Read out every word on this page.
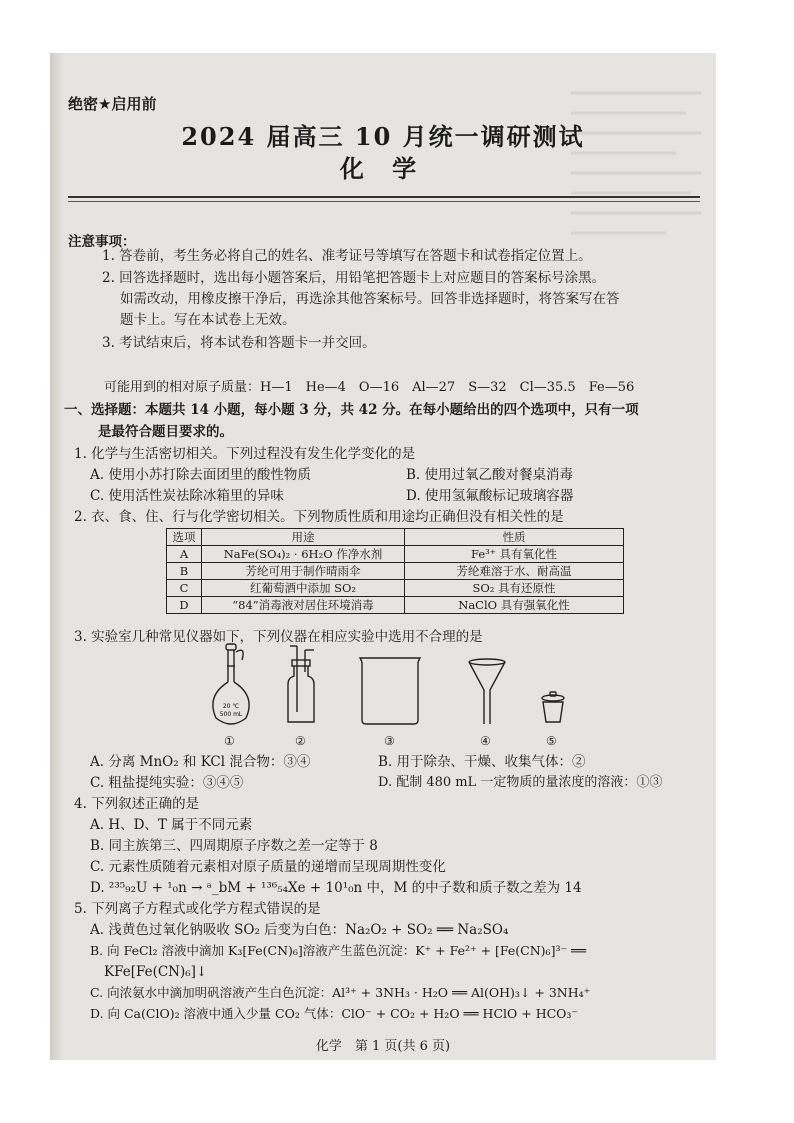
绝密★启用前
2024 届高三 10 月统一调研测试
化 学
注意事项：
1. 答卷前，考生务必将自己的姓名、准考证号等填写在答题卡和试卷指定位置上。
2. 回答选择题时，选出每小题答案后，用铅笔把答题卡上对应题目的答案标号涂黑。
如需改动，用橡皮擦干净后，再选涂其他答案标号。回答非选择题时，将答案写在答
题卡上。写在本试卷上无效。
3. 考试结束后，将本试卷和答题卡一并交回。
可能用到的相对原子质量：H—1　He—4　O—16　Al—27　S—32　Cl—35.5　Fe—56
一、选择题：本题共 14 小题，每小题 3 分，共 42 分。在每小题给出的四个选项中，只有一项
是最符合题目要求的。
1. 化学与生活密切相关。下列过程没有发生化学变化的是
A. 使用小苏打除去面团里的酸性物质	B. 使用过氧乙酸对餐桌消毒
C. 使用活性炭祛除冰箱里的异味	D. 使用氢氟酸标记玻璃容器
2. 衣、食、住、行与化学密切相关。下列物质性质和用途均正确但没有相关性的是
选项	用途	性质
A	NaFe(SO₄)₂ · 6H₂O 作净水剂	Fe³⁺ 具有氧化性
B	芳纶可用于制作晴雨伞	芳纶难溶于水、耐高温
C	红葡萄酒中添加 SO₂	SO₂ 具有还原性
D	“84”消毒液对居住环境消毒	NaClO 具有强氧化性
3. 实验室几种常见仪器如下，下列仪器在相应实验中选用不合理的是
20 ℃
500 mL
①	②	③	④	⑤
A. 分离 MnO₂ 和 KCl 混合物：③④	B. 用于除杂、干燥、收集气体：②
C. 粗盐提纯实验：③④⑤	D. 配制 480 mL 一定物质的量浓度的溶液：①③
4. 下列叙述正确的是
A. H、D、T 属于不同元素
B. 同主族第三、四周期原子序数之差一定等于 8
C. 元素性质随着元素相对原子质量的递增而呈现周期性变化
D. ²³⁵₉₂U + ¹₀n → ᵃ_bM + ¹³⁶₅₄Xe + 10¹₀n 中，M 的中子数和质子数之差为 14
5. 下列离子方程式或化学方程式错误的是
A. 浅黄色过氧化钠吸收 SO₂ 后变为白色：Na₂O₂ + SO₂ ══ Na₂SO₄
B. 向 FeCl₂ 溶液中滴加 K₃[Fe(CN)₆]溶液产生蓝色沉淀：K⁺ + Fe²⁺ + [Fe(CN)₆]³⁻ ══
KFe[Fe(CN)₆]↓
C. 向浓氨水中滴加明矾溶液产生白色沉淀：Al³⁺ + 3NH₃ · H₂O ══ Al(OH)₃↓ + 3NH₄⁺
D. 向 Ca(ClO)₂ 溶液中通入少量 CO₂ 气体：ClO⁻ + CO₂ + H₂O ══ HClO + HCO₃⁻
化学　第 1 页(共 6 页)
